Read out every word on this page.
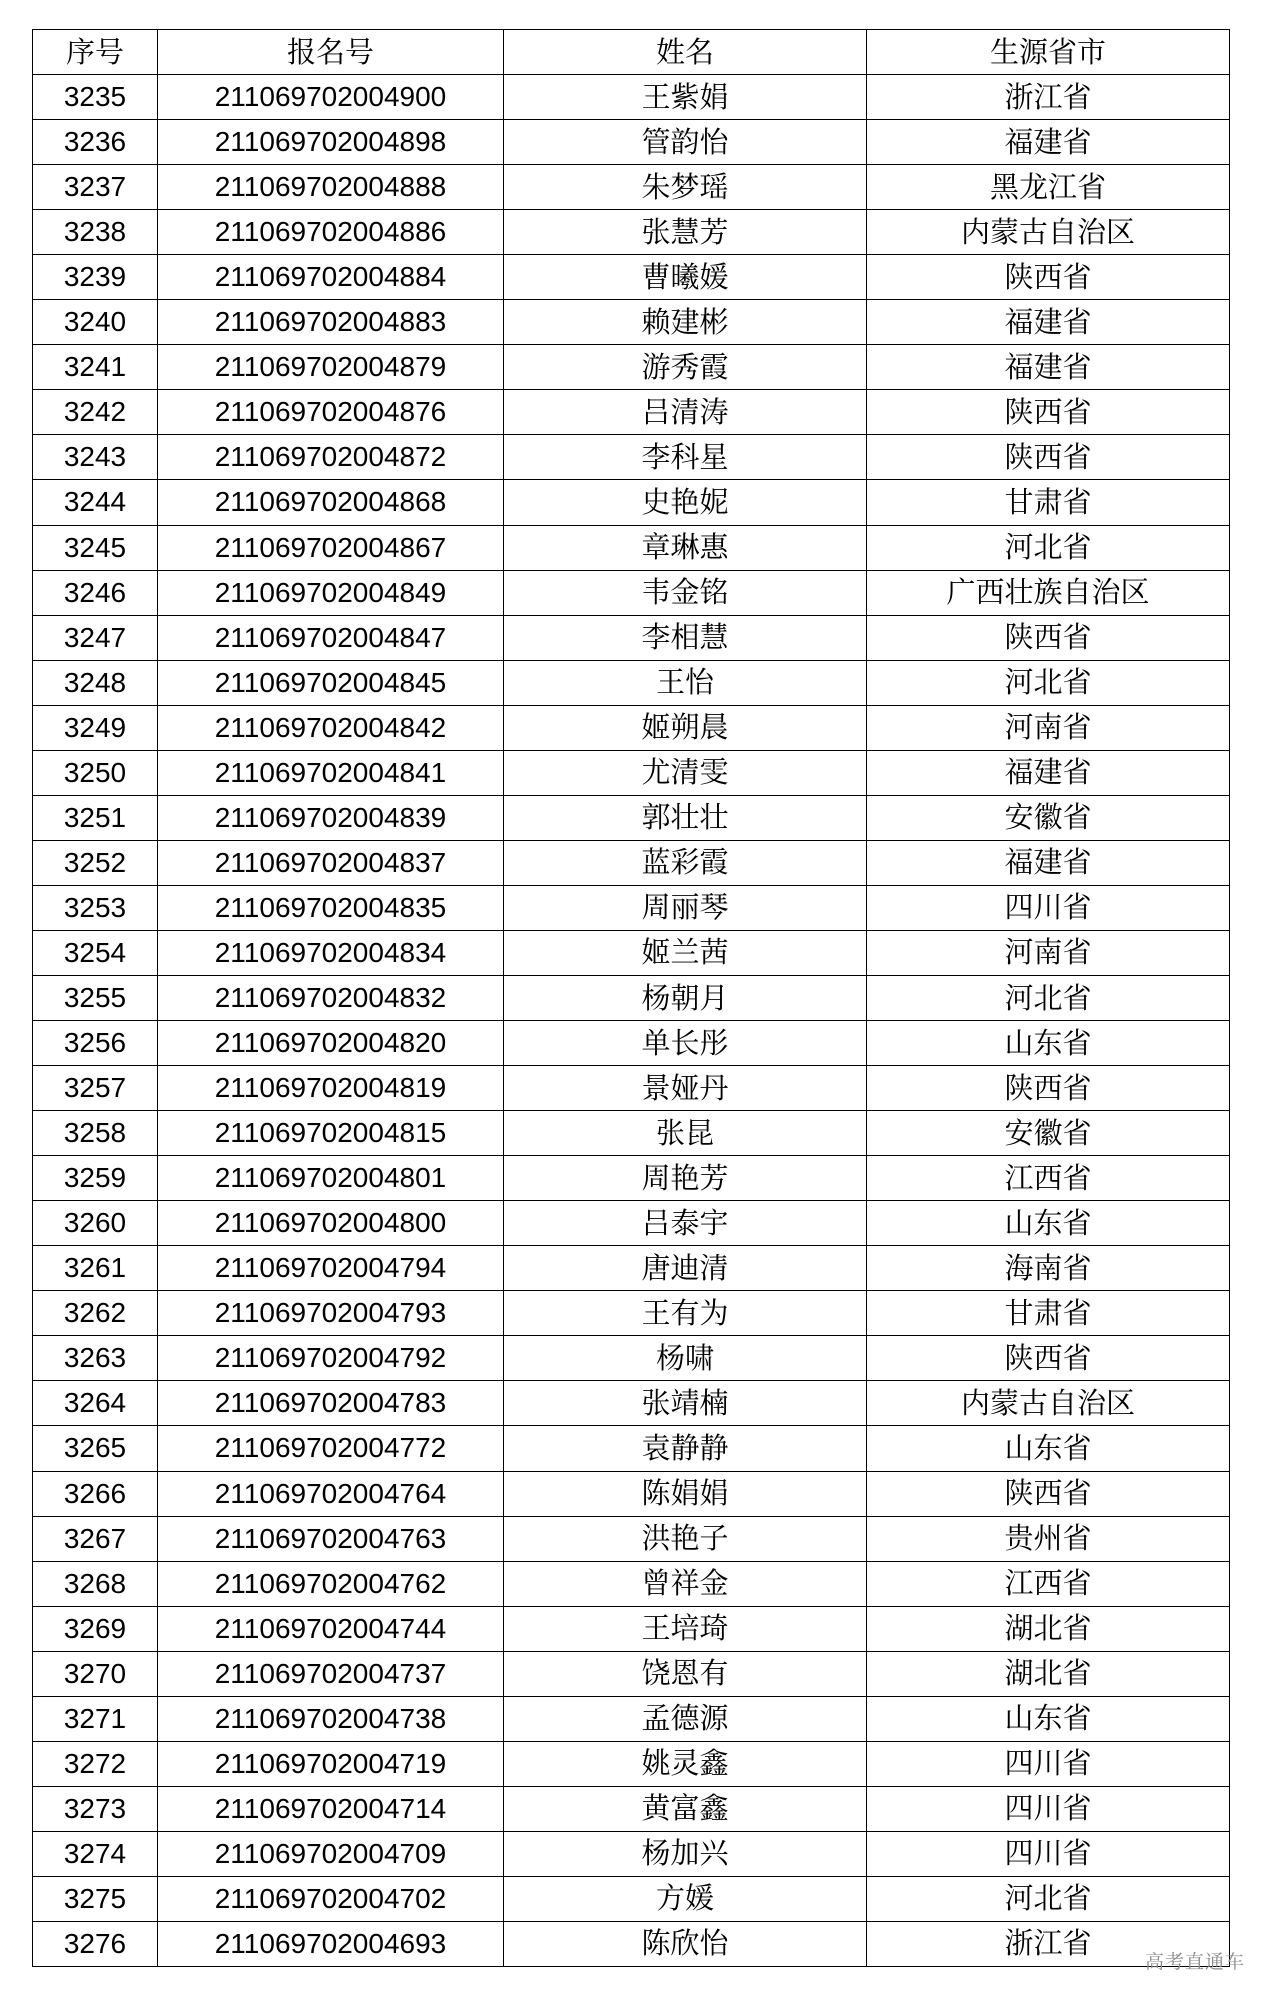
序号	报名号	姓名	生源省市
3235	211069702004900	王紫娟	浙江省
3236	211069702004898	管韵怡	福建省
3237	211069702004888	朱梦瑶	黑龙江省
3238	211069702004886	张慧芳	内蒙古自治区
3239	211069702004884	曹曦媛	陕西省
3240	211069702004883	赖建彬	福建省
3241	211069702004879	游秀霞	福建省
3242	211069702004876	吕清涛	陕西省
3243	211069702004872	李科星	陕西省
3244	211069702004868	史艳妮	甘肃省
3245	211069702004867	章琳惠	河北省
3246	211069702004849	韦金铭	广西壮族自治区
3247	211069702004847	李相慧	陕西省
3248	211069702004845	王怡	河北省
3249	211069702004842	姬朔晨	河南省
3250	211069702004841	尤清雯	福建省
3251	211069702004839	郭壮壮	安徽省
3252	211069702004837	蓝彩霞	福建省
3253	211069702004835	周丽琴	四川省
3254	211069702004834	姬兰茜	河南省
3255	211069702004832	杨朝月	河北省
3256	211069702004820	单长彤	山东省
3257	211069702004819	景娅丹	陕西省
3258	211069702004815	张昆	安徽省
3259	211069702004801	周艳芳	江西省
3260	211069702004800	吕泰宇	山东省
3261	211069702004794	唐迪清	海南省
3262	211069702004793	王有为	甘肃省
3263	211069702004792	杨啸	陕西省
3264	211069702004783	张靖楠	内蒙古自治区
3265	211069702004772	袁静静	山东省
3266	211069702004764	陈娟娟	陕西省
3267	211069702004763	洪艳子	贵州省
3268	211069702004762	曾祥金	江西省
3269	211069702004744	王培琦	湖北省
3270	211069702004737	饶恩有	湖北省
3271	211069702004738	孟德源	山东省
3272	211069702004719	姚灵鑫	四川省
3273	211069702004714	黄富鑫	四川省
3274	211069702004709	杨加兴	四川省
3275	211069702004702	方媛	河北省
3276	211069702004693	陈欣怡	浙江省
高考直通车
